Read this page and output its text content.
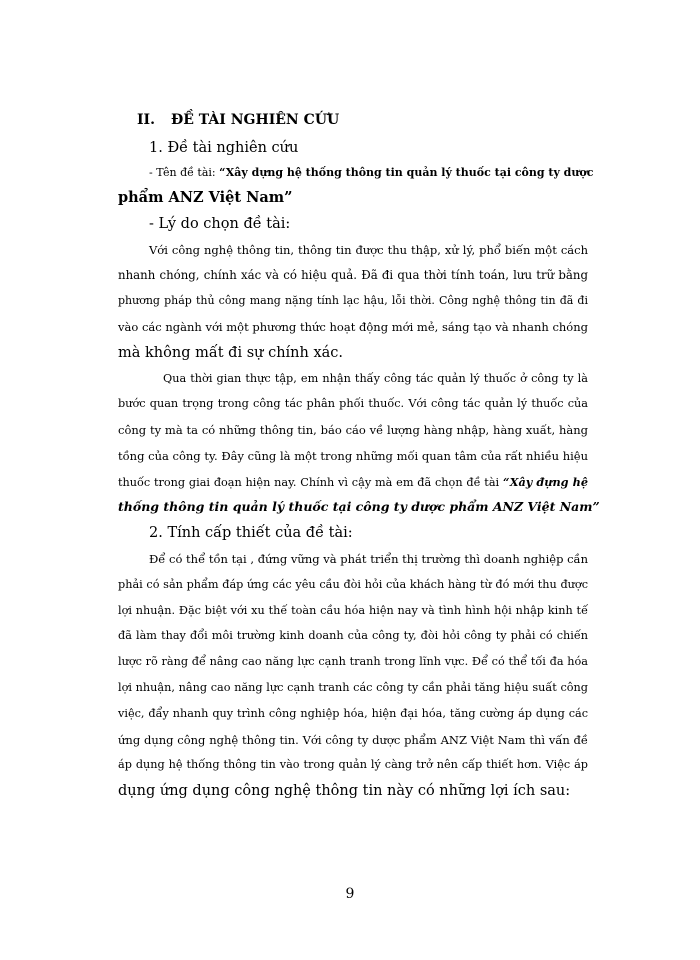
II. ĐỀ TÀI NGHIÊN CỨU
1. Đề tài nghiên cứu
- Tên đề tài: “Xây dựng hệ thống thông tin quản lý thuốc tại công ty dược
phẩm ANZ Việt Nam”
- Lý do chọn đề tài:
Với công nghệ thông tin, thông tin được thu thập, xử lý, phổ biến một cách
nhanh chóng, chính xác và có hiệu quả. Đã đi qua thời tính toán, lưu trữ bằng
phương pháp thủ công mang nặng tính lạc hậu, lỗi thời. Công nghệ thông tin đã đi
vào các ngành với một phương thức hoạt động mới mẻ, sáng tạo và nhanh chóng
mà không mất đi sự chính xác.
Qua thời gian thực tập, em nhận thấy công tác quản lý thuốc ở công ty là
bước quan trọng trong công tác phân phối thuốc. Với công tác quản lý thuốc của
công ty mà ta có những thông tin, báo cáo về lượng hàng nhập, hàng xuất, hàng
tồng của công ty. Đây cũng là một trong những mối quan tâm của rất nhiều hiệu
thuốc trong giai đoạn hiện nay. Chính vì cậy mà em đã chọn đề tài “Xây đựng hệ
thống thông tin quản lý thuốc tại công ty dược phẩm ANZ Việt Nam”
2. Tính cấp thiết của đề tài:
Để có thể tồn tại , đứng vững và phát triển thị trường thì doanh nghiệp cần
phải có sản phẩm đáp ứng các yêu cầu đòi hỏi của khách hàng từ đó mới thu được
lợi nhuận. Đặc biệt với xu thế toàn cầu hóa hiện nay và tình hình hội nhập kinh tế
đã làm thay đổi môi trường kinh doanh của công ty, đòi hỏi công ty phải có chiến
lược rõ ràng để nâng cao năng lực cạnh tranh trong lĩnh vực. Để có thể tối đa hóa
lợi nhuận, nâng cao năng lực cạnh tranh các công ty cần phải tăng hiệu suất công
việc, đẩy nhanh quy trình công nghiệp hóa, hiện đại hóa, tăng cường áp dụng các
ứng dụng công nghệ thông tin. Với công ty dược phẩm ANZ Việt Nam thì vấn đề
áp dụng hệ thống thông tin vào trong quản lý càng trở nên cấp thiết hơn. Việc áp
dụng ứng dụng công nghệ thông tin này có những lợi ích sau:
9
